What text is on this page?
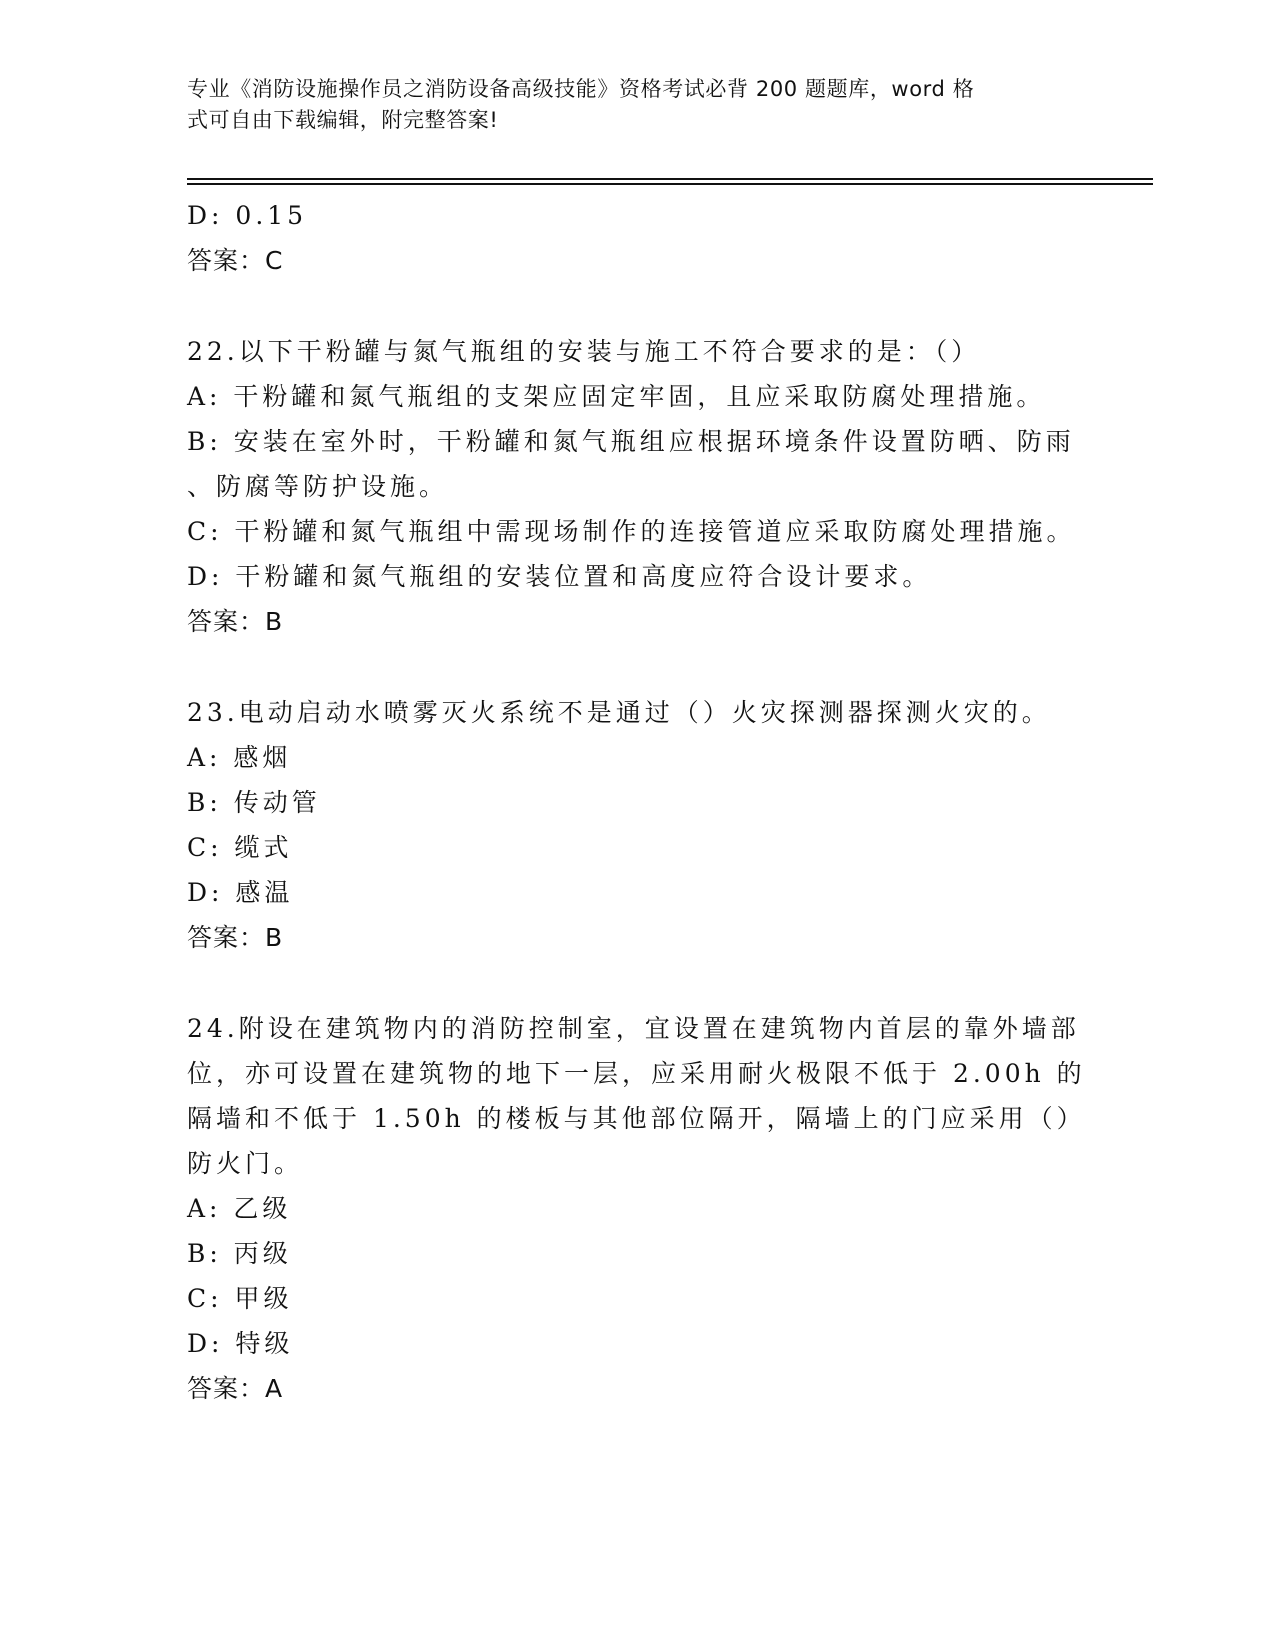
专业《消防设施操作员之消防设备高级技能》资格考试必背 200 题题库，word 格
式可自由下载编辑，附完整答案!
D: 0.15
答案：C
22.以下干粉罐与氮气瓶组的安装与施工不符合要求的是：（）
A: 干粉罐和氮气瓶组的支架应固定牢固，且应采取防腐处理措施。
B: 安装在室外时，干粉罐和氮气瓶组应根据环境条件设置防晒、防雨
、防腐等防护设施。
C: 干粉罐和氮气瓶组中需现场制作的连接管道应采取防腐处理措施。
D: 干粉罐和氮气瓶组的安装位置和高度应符合设计要求。
答案：B
23.电动启动水喷雾灭火系统不是通过（）火灾探测器探测火灾的。
A: 感烟
B: 传动管
C: 缆式
D: 感温
答案：B
24.附设在建筑物内的消防控制室，宜设置在建筑物内首层的靠外墙部
位，亦可设置在建筑物的地下一层，应采用耐火极限不低于 2.00h 的
隔墙和不低于 1.50h 的楼板与其他部位隔开，隔墙上的门应采用（）
防火门。
A: 乙级
B: 丙级
C: 甲级
D: 特级
答案：A
